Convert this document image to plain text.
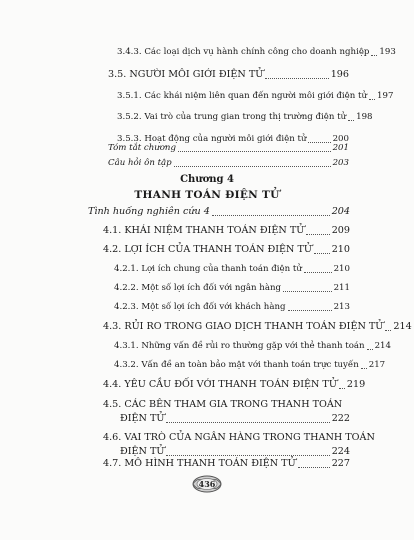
3.4.3. Các loại dịch vụ hành chính công cho doanh nghiệp 193
3.5. NGƯỜI MÔI GIỚI ĐIỆN TỬ	196
3.5.1. Các khái niệm liên quan đến người môi giới điện tử 197
3.5.2. Vai trò của trung gian trong thị trường điện tử 198
3.5.3. Hoạt động của người môi giới điện tử	200
Tóm tắt chương	201
Câu hỏi ôn tập	203
Chương 4
THANH TOÁN ĐIỆN TỬ
Tình huống nghiên cứu 4	204
4.1. KHÁI NIỆM THANH TOÁN ĐIỆN TỬ	209
4.2. LỢI ÍCH CỦA THANH TOÁN ĐIỆN TỬ 210
4.2.1. Lợi ích chung của thanh toán điện tử	210
4.2.2. Một số lợi ích đối với ngân hàng	211
4.2.3. Một số lợi ích đối với khách hàng	213
4.3. RỦI RO TRONG GIAO DỊCH THANH TOÁN ĐIỆN TỬ 214
4.3.1. Những vấn đề rủi ro thường gặp với thẻ thanh toán 214
4.3.2. Vấn đề an toàn bảo mật với thanh toán trực tuyến 217
4.4. YÊU CẦU ĐỐI VỚI THANH TOÁN ĐIỆN TỬ 219
4.5. CÁC BÊN THAM GIA TRONG THANH TOÁN
ĐIỆN TỬ	222
4.6. VAI TRÒ CỦA NGÂN HÀNG TRONG THANH TOÁN
ĐIỆN TỬ	224
4.7. MÔ HÌNH THANH TOÁN ĐIỆN TỬ	227
436
